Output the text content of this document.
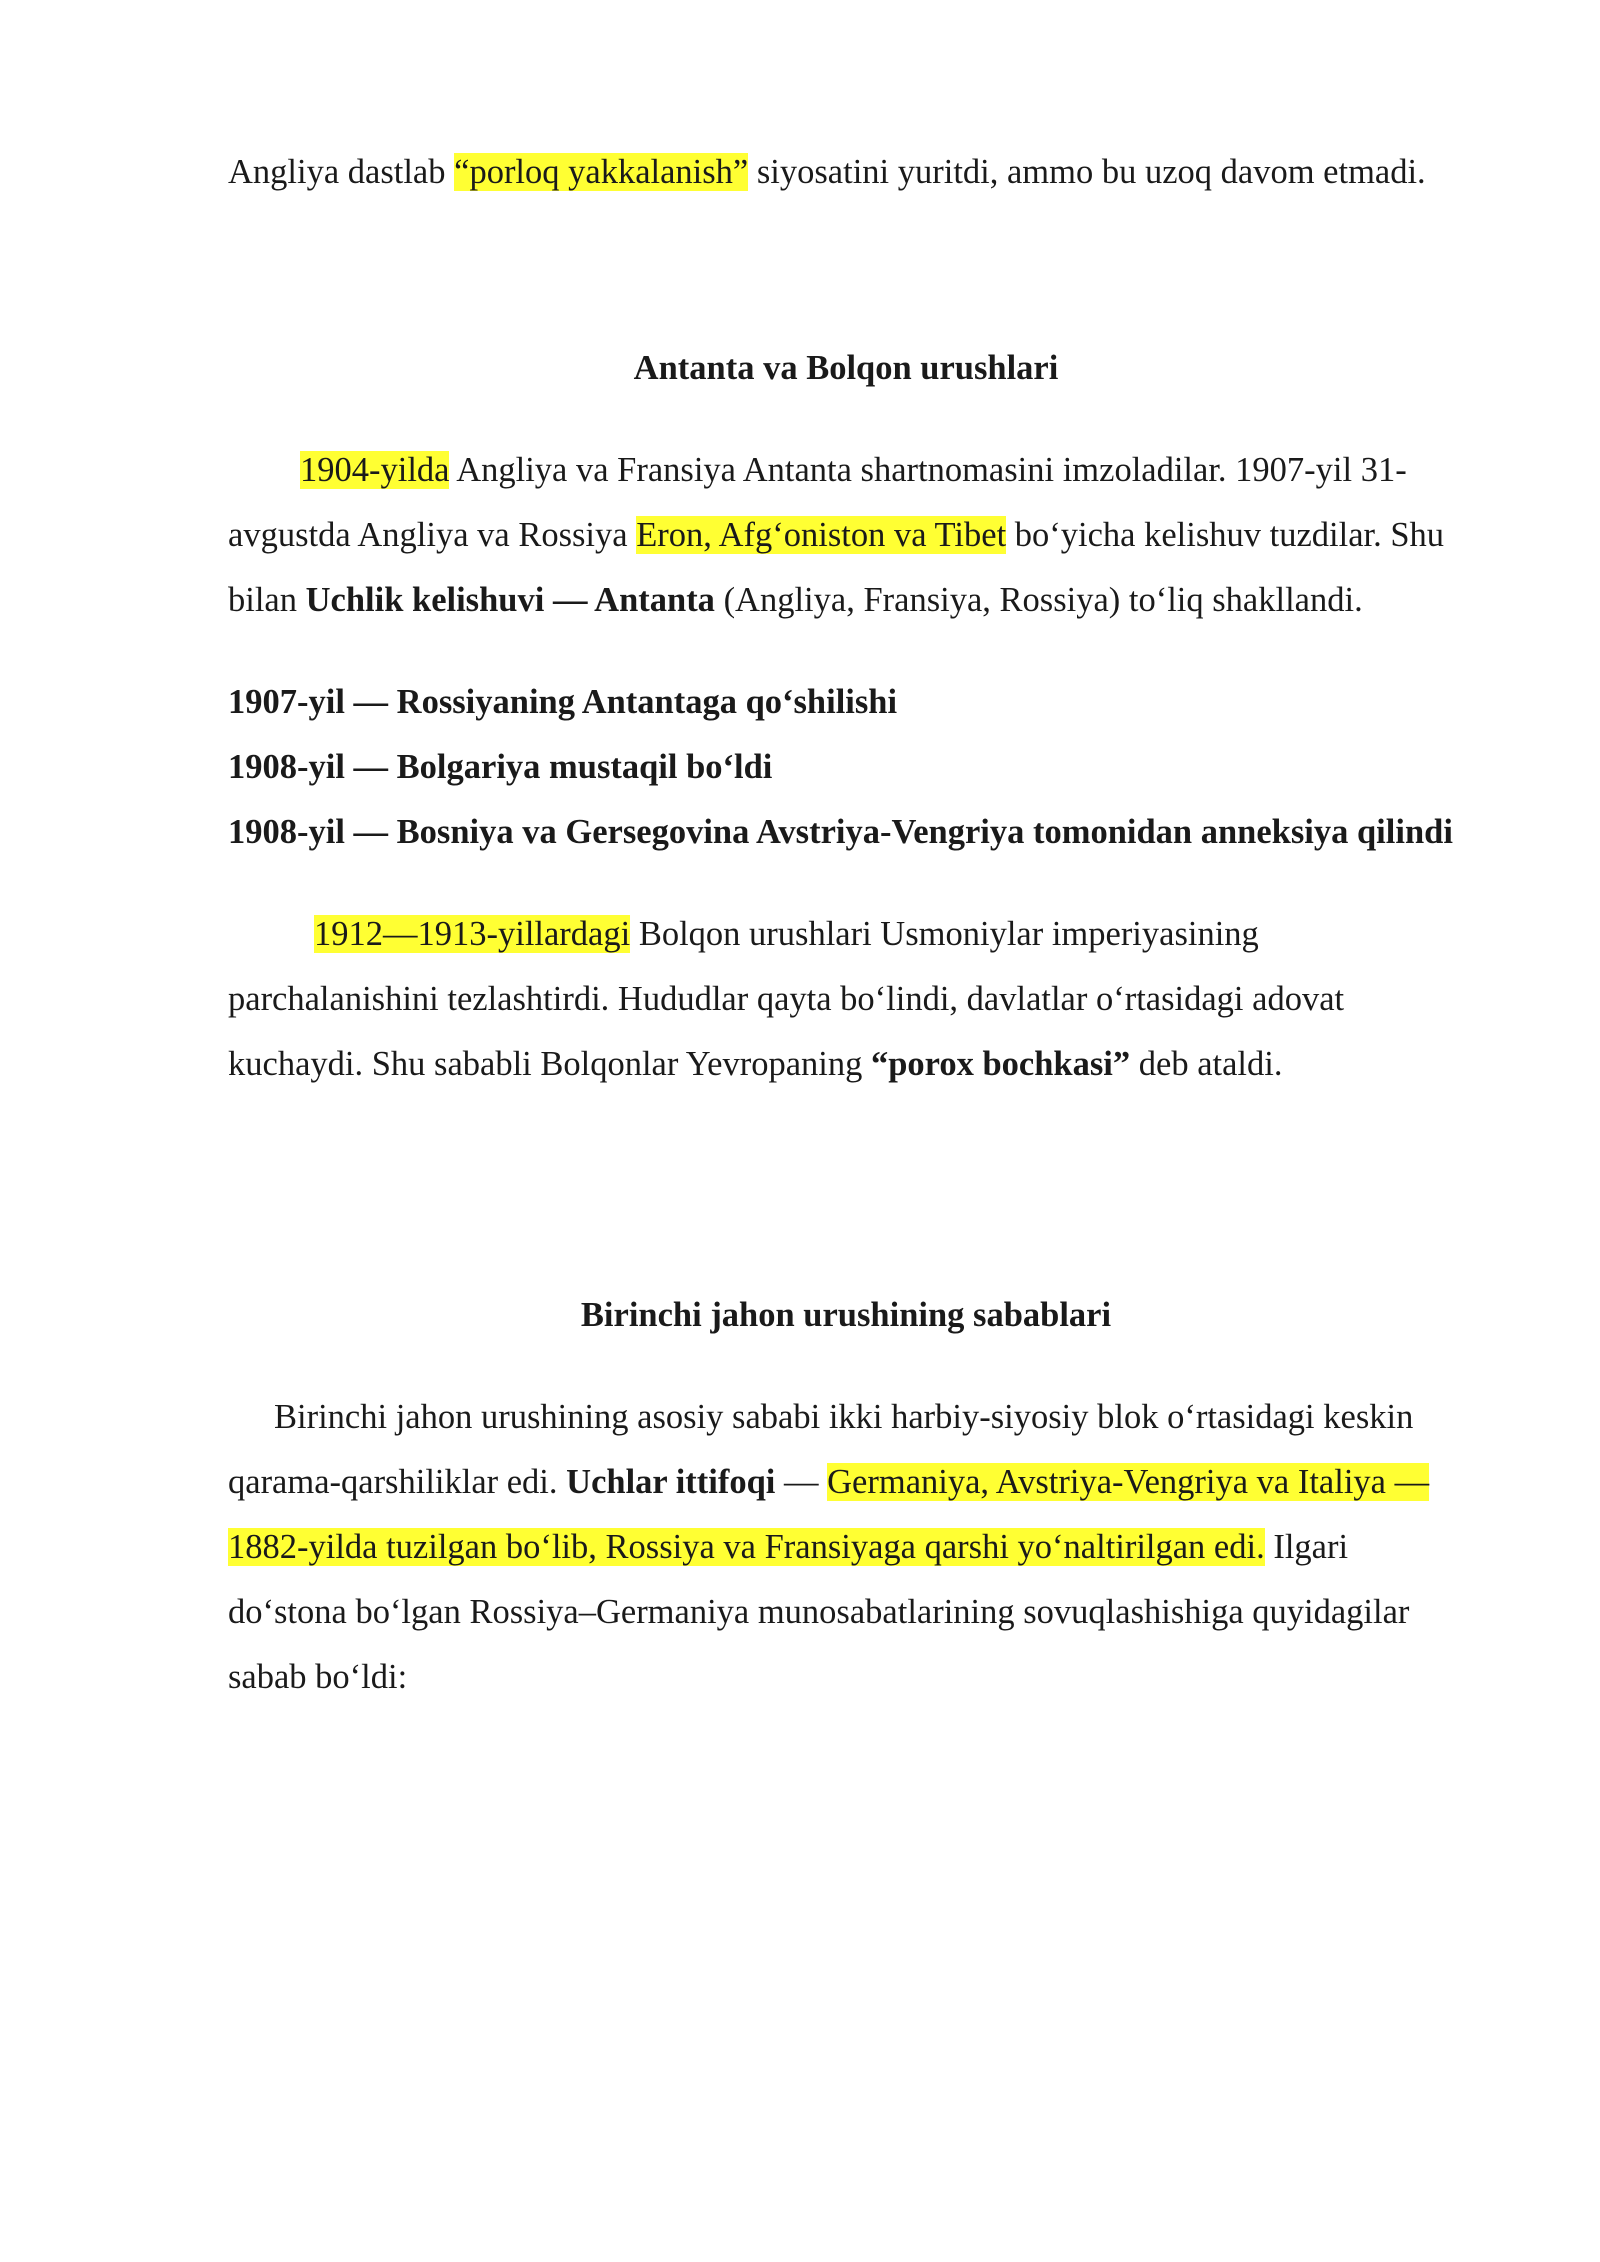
Angliya dastlab “porloq yakkalanish” siyosatini yuritdi, ammo bu uzoq davom etmadi.

Antanta va Bolqon urushlari

1904-yilda Angliya va Fransiya Antanta shartnomasini imzoladilar. 1907-yil 31-avgustda Angliya va Rossiya Eron, Afg‘oniston va Tibet bo‘yicha kelishuv tuzdilar. Shu bilan Uchlik kelishuvi — Antanta (Angliya, Fransiya, Rossiya) to‘liq shakllandi.

1907-yil — Rossiyaning Antantaga qo‘shilishi

1908-yil — Bolgariya mustaqil bo‘ldi

1908-yil — Bosniya va Gersegovina Avstriya-Vengriya tomonidan anneksiya qilindi

1912—1913-yillardagi Bolqon urushlari Usmoniylar imperiyasining parchalanishini tezlashtirdi. Hududlar qayta bo‘lindi, davlatlar o‘rtasidagi adovat kuchaydi. Shu sababli Bolqonlar Yevropaning “porox bochkasi” deb ataldi.

Birinchi jahon urushining sabablari

Birinchi jahon urushining asosiy sababi ikki harbiy-siyosiy blok o‘rtasidagi keskin qarama-qarshiliklar edi. Uchlar ittifoqi — Germaniya, Avstriya-Vengriya va Italiya — 1882-yilda tuzilgan bo‘lib, Rossiya va Fransiyaga qarshi yo‘naltirilgan edi. Ilgari do‘stona bo‘lgan Rossiya–Germaniya munosabatlarining sovuqlashishiga quyidagilar sabab bo‘ldi:
